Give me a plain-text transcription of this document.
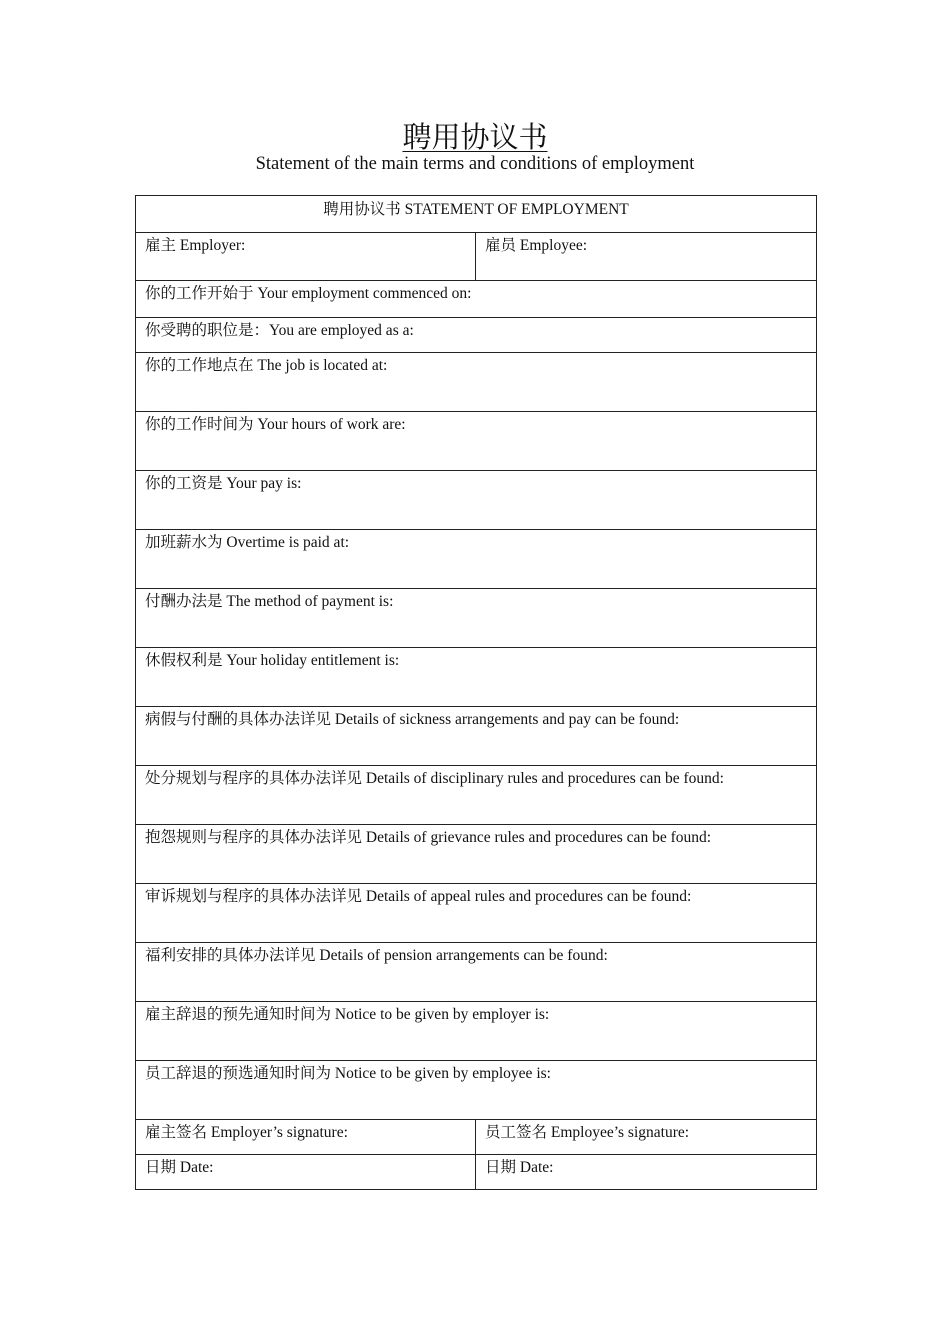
聘用协议书

Statement of the main terms and conditions of employment

聘用协议书 STATEMENT OF EMPLOYMENT	
雇主 Employer:	雇员 Employee:
你的工作开始于 Your employment commenced on:	
你受聘的职位是：You are employed as a:	
你的工作地点在 The job is located at:	
你的工作时间为 Your hours of work are:	
你的工资是 Your pay is:	
加班薪水为 Overtime is paid at:	
付酬办法是 The method of payment is:	
休假权利是 Your holiday entitlement is:	
病假与付酬的具体办法详见 Details of sickness arrangements and pay can be found:	
处分规划与程序的具体办法详见 Details of disciplinary rules and procedures can be found:	
抱怨规则与程序的具体办法详见 Details of grievance rules and procedures can be found:	
审诉规划与程序的具体办法详见 Details of appeal rules and procedures can be found:	
福利安排的具体办法详见 Details of pension arrangements can be found:	
雇主辞退的预先通知时间为 Notice to be given by employer is:	
员工辞退的预选通知时间为 Notice to be given by employee is:	
雇主签名 Employer’s signature:	员工签名 Employee’s signature:
日期 Date:	日期 Date:
